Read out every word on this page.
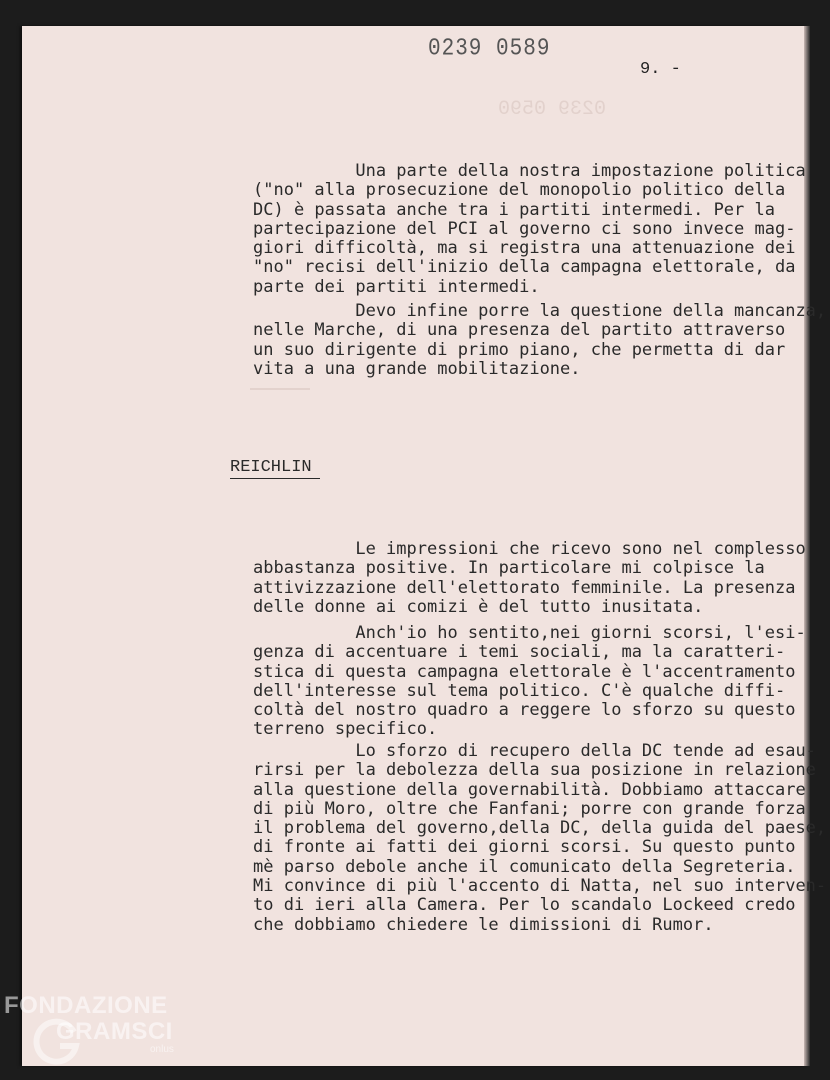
0239 0590
0239 0589
9. -
Una parte della nostra impostazione politica
("no" alla prosecuzione del monopolio politico della
DC) è passata anche tra i partiti intermedi. Per la
partecipazione del PCI al governo ci sono invece mag-
giori difficoltà, ma si registra una attenuazione dei
"no" recisi dell'inizio della campagna elettorale, da
parte dei partiti intermedi.
Devo infine porre la questione della mancanza,
nelle Marche, di una presenza del partito attraverso
un suo dirigente di primo piano, che permetta di dar
vita a una grande mobilitazione.
REICHLIN
Le impressioni che ricevo sono nel complesso
abbastanza positive. In particolare mi colpisce la
attivizzazione dell'elettorato femminile. La presenza
delle donne ai comizi è del tutto inusitata.
Anch'io ho sentito,nei giorni scorsi, l'esi-
genza di accentuare i temi sociali, ma la caratteri-
stica di questa campagna elettorale è l'accentramento
dell'interesse sul tema politico. C'è qualche diffi-
coltà del nostro quadro a reggere lo sforzo su questo
terreno specifico.
Lo sforzo di recupero della DC tende ad esau-
rirsi per la debolezza della sua posizione in relazione
alla questione della governabilità. Dobbiamo attaccare
di più Moro, oltre che Fanfani; porre con grande forza
il problema del governo,della DC, della guida del paese,
di fronte ai fatti dei giorni scorsi. Su questo punto
mè parso debole anche il comunicato della Segreteria.
Mi convince di più l'accento di Natta, nel suo interven-
to di ieri alla Camera. Per lo scandalo Lockeed credo
che dobbiamo chiedere le dimissioni di Rumor.
FONDAZIONE
GRAMSCI
onlus
